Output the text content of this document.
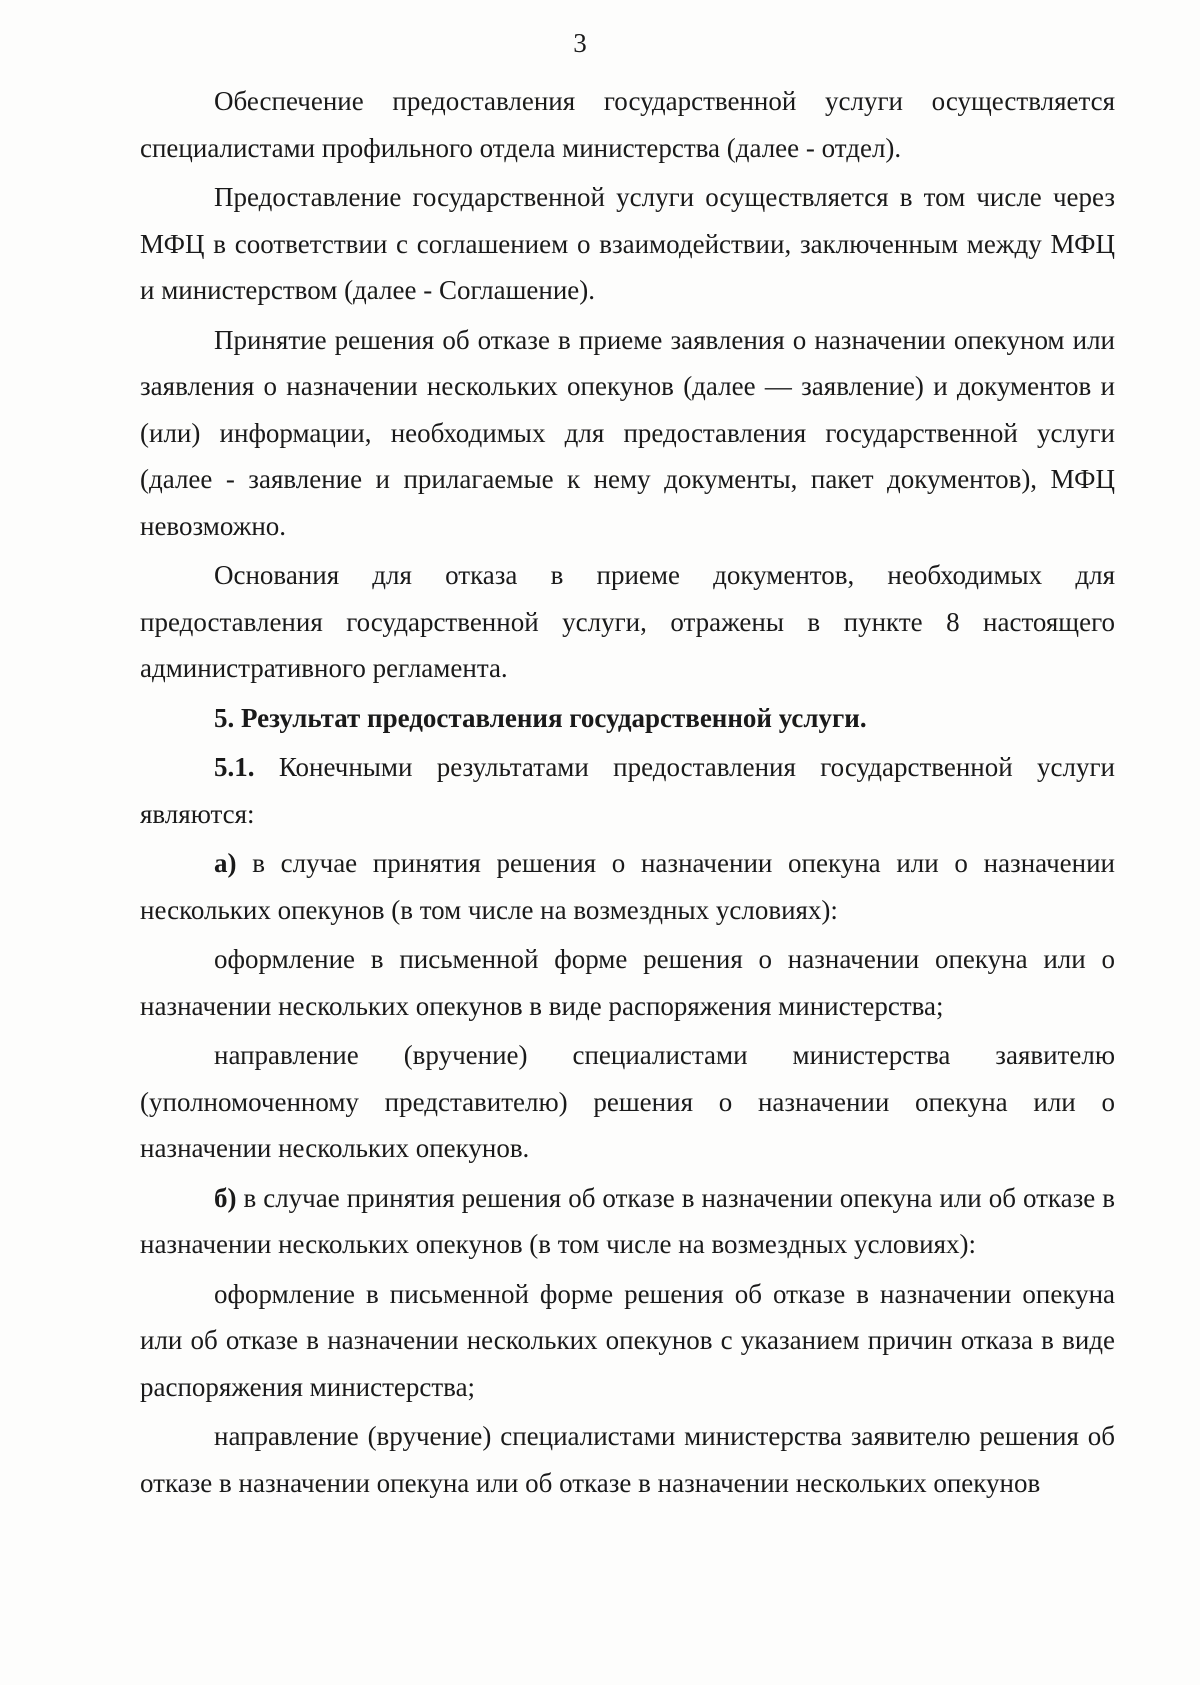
3

Обеспечение предоставления государственной услуги осуществляется специалистами профильного отдела министерства (далее - отдел).

Предоставление государственной услуги осуществляется в том числе через МФЦ в соответствии с соглашением о взаимодействии, заключенным между МФЦ и министерством (далее - Соглашение).

Принятие решения об отказе в приеме заявления о назначении опекуном или заявления о назначении нескольких опекунов (далее — заявление) и документов и (или) информации, необходимых для предоставления государственной услуги (далее - заявление и прилагаемые к нему документы, пакет документов), МФЦ невозможно.

Основания для отказа в приеме документов, необходимых для предоставления государственной услуги, отражены в пункте 8 настоящего административного регламента.

5. Результат предоставления государственной услуги.

5.1. Конечными результатами предоставления государственной услуги являются:

а) в случае принятия решения о назначении опекуна или о назначении нескольких опекунов (в том числе на возмездных условиях):

оформление в письменной форме решения о назначении опекуна или о назначении нескольких опекунов в виде распоряжения министерства;

направление (вручение) специалистами министерства заявителю (уполномоченному представителю) решения о назначении опекуна или о назначении нескольких опекунов.

б) в случае принятия решения об отказе в назначении опекуна или об отказе в назначении нескольких опекунов (в том числе на возмездных условиях):

оформление в письменной форме решения об отказе в назначении опекуна или об отказе в назначении нескольких опекунов с указанием причин отказа в виде распоряжения министерства;

направление (вручение) специалистами министерства заявителю решения об отказе в назначении опекуна или об отказе в назначении нескольких опекунов
